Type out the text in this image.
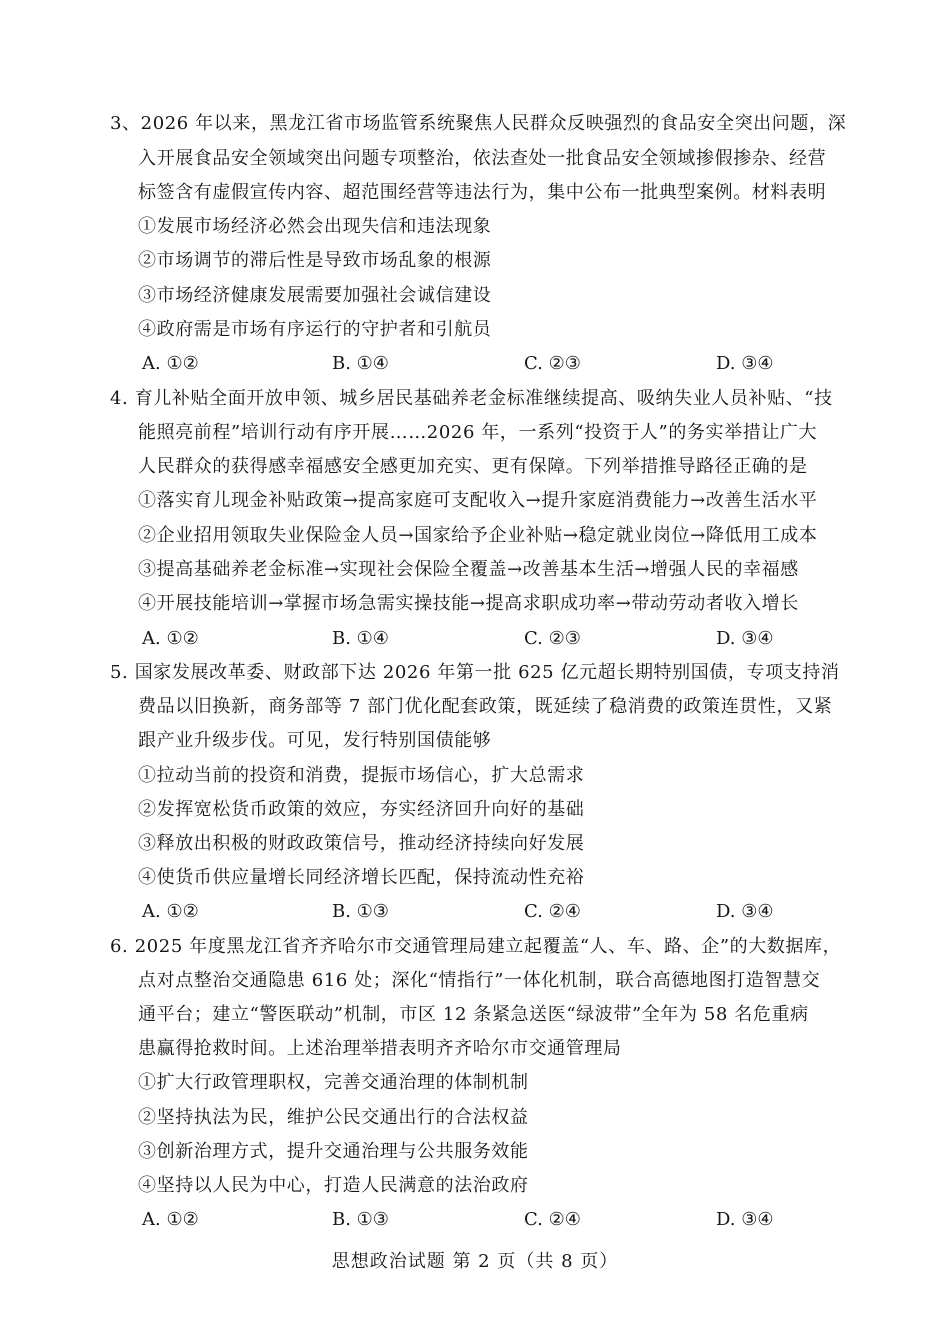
3、2026 年以来，黑龙江省市场监管系统聚焦人民群众反映强烈的食品安全突出问题，深
入开展食品安全领域突出问题专项整治，依法查处一批食品安全领域掺假掺杂、经营
标签含有虚假宣传内容、超范围经营等违法行为，集中公布一批典型案例。材料表明
①发展市场经济必然会出现失信和违法现象
②市场调节的滞后性是导致市场乱象的根源
③市场经济健康发展需要加强社会诚信建设
④政府需是市场有序运行的守护者和引航员
A. ①②	B. ①④	C. ②③	D. ③④
4. 育儿补贴全面开放申领、城乡居民基础养老金标准继续提高、吸纳失业人员补贴、“技
能照亮前程”培训行动有序开展……2026 年，一系列“投资于人”的务实举措让广大
人民群众的获得感幸福感安全感更加充实、更有保障。下列举措推导路径正确的是
①落实育儿现金补贴政策→提高家庭可支配收入→提升家庭消费能力→改善生活水平
②企业招用领取失业保险金人员→国家给予企业补贴→稳定就业岗位→降低用工成本
③提高基础养老金标准→实现社会保险全覆盖→改善基本生活→增强人民的幸福感
④开展技能培训→掌握市场急需实操技能→提高求职成功率→带动劳动者收入增长
A. ①②	B. ①④	C. ②③	D. ③④
5. 国家发展改革委、财政部下达 2026 年第一批 625 亿元超长期特别国债，专项支持消
费品以旧换新，商务部等 7 部门优化配套政策，既延续了稳消费的政策连贯性，又紧
跟产业升级步伐。可见，发行特别国债能够
①拉动当前的投资和消费，提振市场信心，扩大总需求
②发挥宽松货币政策的效应，夯实经济回升向好的基础
③释放出积极的财政政策信号，推动经济持续向好发展
④使货币供应量增长同经济增长匹配，保持流动性充裕
A. ①②	B. ①③	C. ②④	D. ③④
6. 2025 年度黑龙江省齐齐哈尔市交通管理局建立起覆盖“人、车、路、企”的大数据库，
点对点整治交通隐患 616 处；深化“情指行”一体化机制，联合高德地图打造智慧交
通平台；建立“警医联动”机制，市区 12 条紧急送医“绿波带”全年为 58 名危重病
患赢得抢救时间。上述治理举措表明齐齐哈尔市交通管理局
①扩大行政管理职权，完善交通治理的体制机制
②坚持执法为民，维护公民交通出行的合法权益
③创新治理方式，提升交通治理与公共服务效能
④坚持以人民为中心，打造人民满意的法治政府
A. ①②	B. ①③	C. ②④	D. ③④
思想政治试题 第 2 页（共 8 页）
